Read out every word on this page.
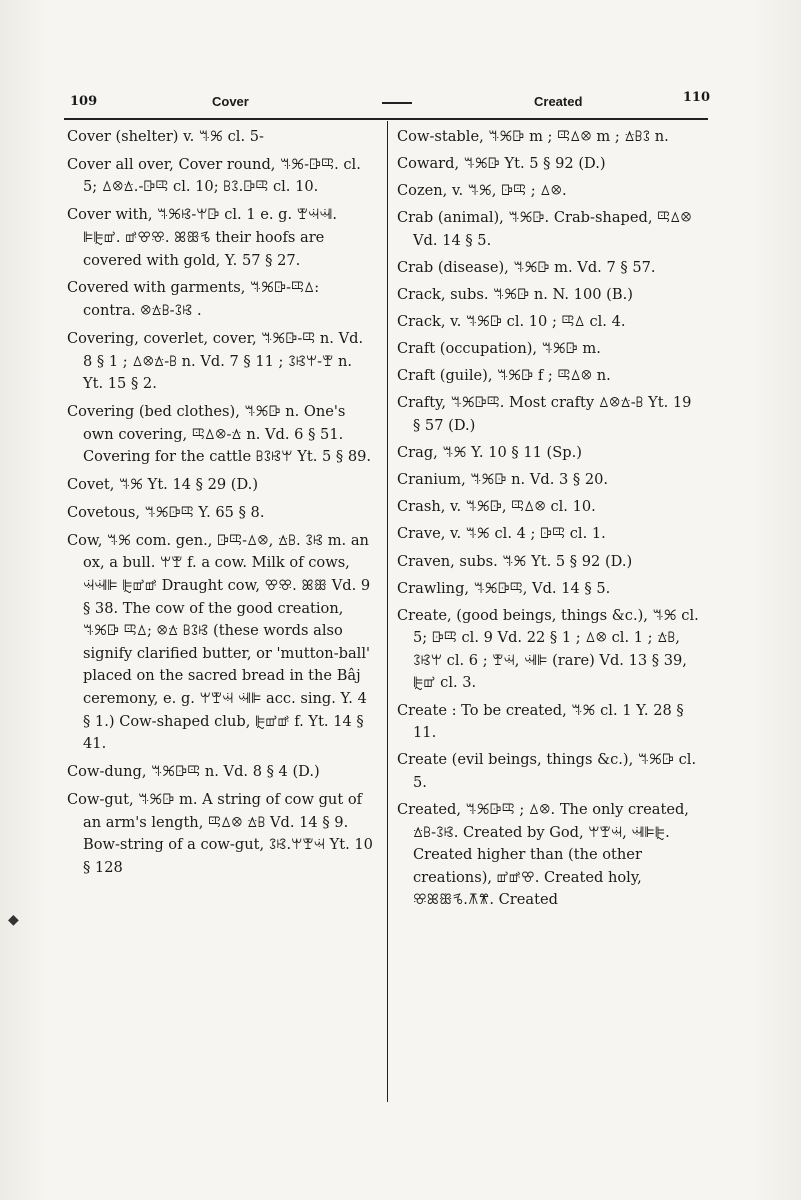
109	Cover	Created	110

Cover (shelter) v. ꕐꕑ cl. 5-

Cover all over, Cover round, ꕐꕑ-ꕒꕓ. cl. 5; ꕔꕕꕖ.-ꕒꕓ cl. 10; ꕗꕘ.ꕒꕓ cl. 10.

Cover with, ꕐꕑꕙ-ꕚꕒ cl. 1 e. g. ꕛꕜꕝ. ꕞꕟꕠ. ꕡꕢꕣ. ꕤꕥꕦ their hoofs are covered with gold, Y. 57 § 27.

Covered with garments, ꕐꕑꕒ-ꕓꕔ: contra. ꕕꕖꕗ-ꕘꕙ .

Covering, coverlet, cover, ꕐꕑꕒ-ꕓ n. Vd. 8 § 1 ; ꕔꕕꕖ-ꕗ n. Vd. 7 § 11 ; ꕘꕙꕚ-ꕛ n. Yt. 15 § 2.

Covering (bed clothes), ꕐꕑꕒ n. One's own covering, ꕓꕔꕕ-ꕖ n. Vd. 6 § 51. Covering for the cattle ꕗꕘꕙꕚ Yt. 5 § 89.

Covet, ꕐꕑ Yt. 14 § 29 (D.)

Covetous, ꕐꕑꕒꕓ Y. 65 § 8.

Cow, ꕐꕑ com. gen., ꕒꕓ-ꕔꕕ, ꕖꕗ. ꕘꕙ m. an ox, a bull. ꕚꕛ f. a cow. Milk of cows, ꕜꕝꕞ ꕟꕠꕡ Draught cow, ꕢꕣ. ꕤꕥ Vd. 9 § 38. The cow of the good creation, ꕐꕑꕒ ꕓꕔ; ꕕꕖ ꕗꕘꕙ (these words also signify clarified butter, or 'mutton-ball' placed on the sacred bread in the Bâj ceremony, e. g. ꕚꕛꕜ ꕝꕞ acc. sing. Y. 4 § 1.) Cow-shaped club, ꕟꕠꕡ f. Yt. 14 § 41.

Cow-dung, ꕐꕑꕒꕓ n. Vd. 8 § 4 (D.)

Cow-gut, ꕐꕑꕒ m. A string of cow gut of an arm's length, ꕓꕔꕕ ꕖꕗ Vd. 14 § 9. Bow-string of a cow-gut, ꕘꕙ.ꕚꕛꕜ Yt. 10 § 128

Cow-stable, ꕐꕑꕒ m ; ꕓꕔꕕ m ; ꕖꕗꕘ n.

Coward, ꕐꕑꕒ Yt. 5 § 92 (D.)

Cozen, v. ꕐꕑ, ꕒꕓ ; ꕔꕕ.

Crab (animal), ꕐꕑꕒ. Crab-shaped, ꕓꕔꕕ Vd. 14 § 5.

Crab (disease), ꕐꕑꕒ m. Vd. 7 § 57.

Crack, subs. ꕐꕑꕒ n. N. 100 (B.)

Crack, v. ꕐꕑꕒ cl. 10 ; ꕓꕔ cl. 4.

Craft (occupation), ꕐꕑꕒ m.

Craft (guile), ꕐꕑꕒ f ; ꕓꕔꕕ n.

Crafty, ꕐꕑꕒꕓ. Most crafty ꕔꕕꕖ-ꕗ Yt. 19 § 57 (D.)

Crag, ꕐꕑ Y. 10 § 11 (Sp.)

Cranium, ꕐꕑꕒ n. Vd. 3 § 20.

Crash, v. ꕐꕑꕒ, ꕓꕔꕕ cl. 10.

Crave, v. ꕐꕑ cl. 4 ; ꕒꕓ cl. 1.

Craven, subs. ꕐꕑ Yt. 5 § 92 (D.)

Crawling, ꕐꕑꕒꕓ, Vd. 14 § 5.

Create, (good beings, things &c.), ꕐꕑ cl. 5; ꕒꕓ cl. 9 Vd. 22 § 1 ; ꕔꕕ cl. 1 ; ꕖꕗ, ꕘꕙꕚ cl. 6 ; ꕛꕜ, ꕝꕞ (rare) Vd. 13 § 39, ꕟꕠ cl. 3.

Create : To be created, ꕐꕑ cl. 1 Y. 28 § 11.

Create (evil beings, things &c.), ꕐꕑꕒ cl. 5.

Created, ꕐꕑꕒꕓ ; ꕔꕕ. The only created, ꕖꕗ-ꕘꕙ. Created by God, ꕚꕛꕜ, ꕝꕞꕟ. Created higher than (the other creations), ꕠꕡꕢ. Created holy, ꕣꕤꕥꕦ.ꕧꕨ. Created

◆
